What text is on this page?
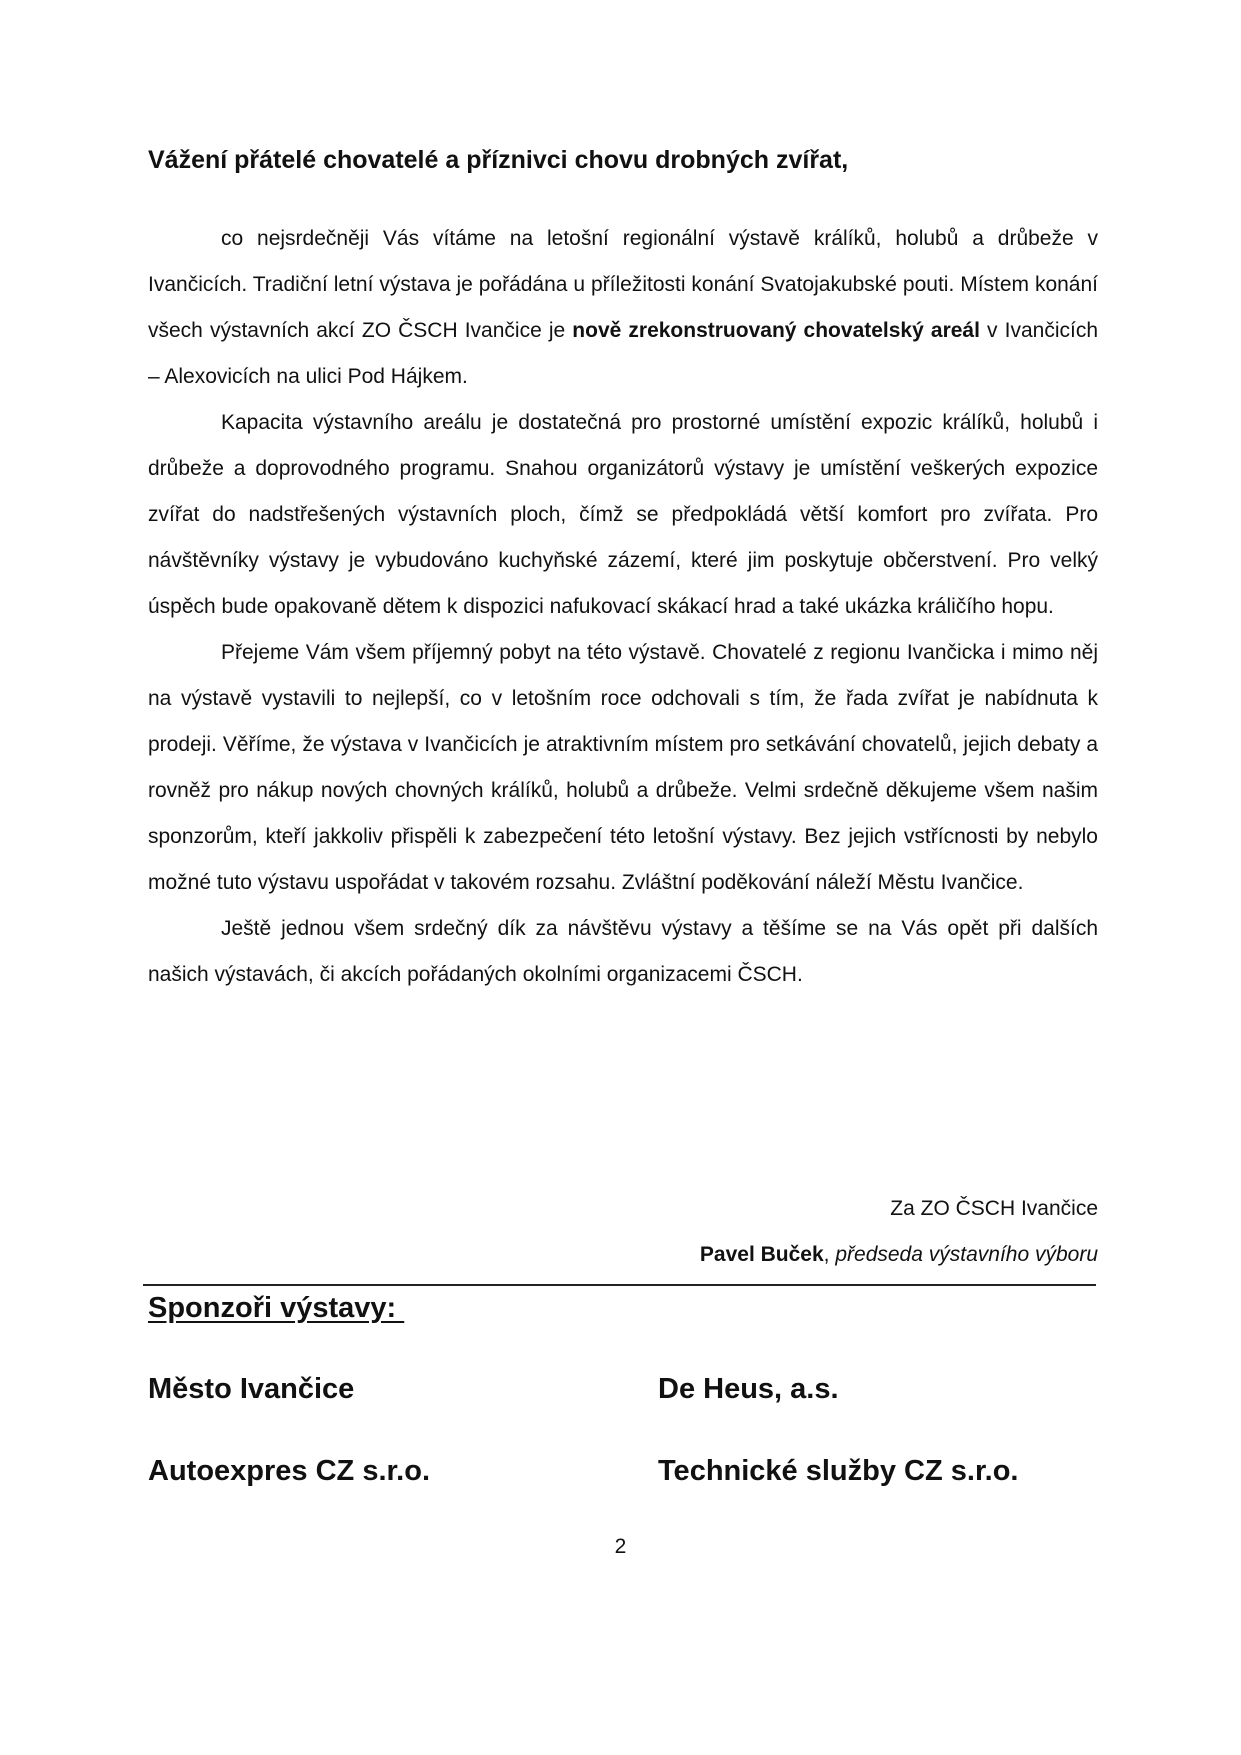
Vážení přátelé chovatelé a příznivci chovu drobných zvířat,

co nejsrdečněji Vás vítáme na letošní regionální výstavě králíků, holubů a drůbeže v Ivančicích. Tradiční letní výstava je pořádána u příležitosti konání Svatojakubské pouti. Místem konání všech výstavních akcí ZO ČSCH Ivančice je nově zrekonstruovaný chovatelský areál v Ivančicích – Alexovicích na ulici Pod Hájkem.

Kapacita výstavního areálu je dostatečná pro prostorné umístění expozic králíků, holubů i drůbeže a doprovodného programu. Snahou organizátorů výstavy je umístění veškerých expozice zvířat do nadstřešených výstavních ploch, čímž se předpokládá větší komfort pro zvířata. Pro návštěvníky výstavy je vybudováno kuchyňské zázemí, které jim poskytuje občerstvení. Pro velký úspěch bude opakovaně dětem k dispozici nafukovací skákací hrad a také ukázka králičího hopu.

Přejeme Vám všem příjemný pobyt na této výstavě. Chovatelé z regionu Ivančicka i mimo něj na výstavě vystavili to nejlepší, co v letošním roce odchovali s tím, že řada zvířat je nabídnuta k prodeji. Věříme, že výstava v Ivančicích je atraktivním místem pro setkávání chovatelů, jejich debaty a rovněž pro nákup nových chovných králíků, holubů a drůbeže. Velmi srdečně děkujeme všem našim sponzorům, kteří jakkoliv přispěli k zabezpečení této letošní výstavy. Bez jejich vstřícnosti by nebylo možné tuto výstavu uspořádat v takovém rozsahu. Zvláštní poděkování náleží Městu Ivančice.

Ještě jednou všem srdečný dík za návštěvu výstavy a těšíme se na Vás opět při dalších našich výstavách, či akcích pořádaných okolními organizacemi ČSCH.

Za ZO ČSCH Ivančice
Pavel Buček, předseda výstavního výboru
Sponzoři výstavy:
Město Ivančice	De Heus, a.s.
Autoexpres CZ s.r.o.	Technické služby CZ s.r.o.
2
